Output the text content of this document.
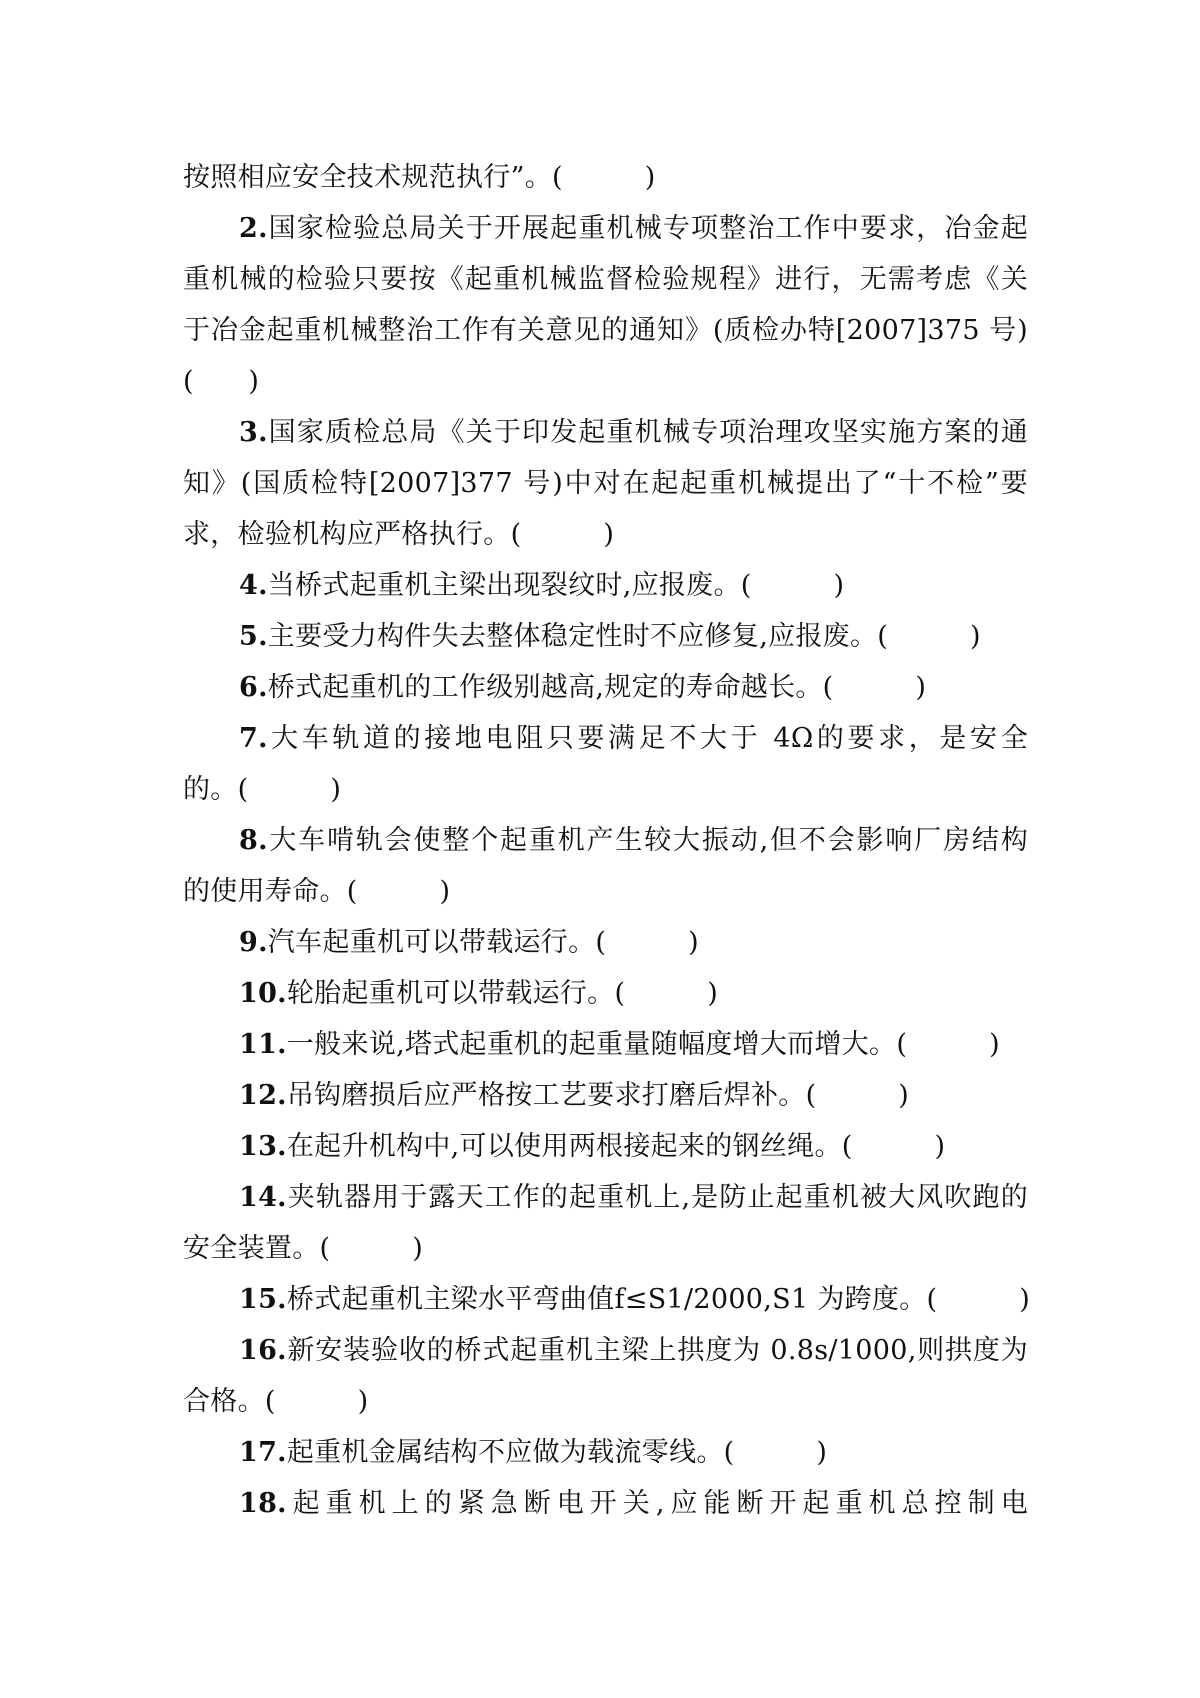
按照相应安全技术规范执行”。(　　　)
2.国家检验总局关于开展起重机械专项整治工作中要求，冶金起
重机械的检验只要按《起重机械监督检验规程》进行，无需考虑《关
于冶金起重机械整治工作有关意见的通知》(质检办特[2007]375 号)
(　　)
3.国家质检总局《关于印发起重机械专项治理攻坚实施方案的通
知》(国质检特[2007]377 号)中对在起起重机械提出了“十不检”要
求，检验机构应严格执行。(　　　)
4.当桥式起重机主梁出现裂纹时,应报废。(　　　)
5.主要受力构件失去整体稳定性时不应修复,应报废。(　　　)
6.桥式起重机的工作级别越高,规定的寿命越长。(　　　)
7.大车轨道的接地电阻只要满足不大于 4Ω的要求，是安全
的。(　　　)
8.大车啃轨会使整个起重机产生较大振动,但不会影响厂房结构
的使用寿命。(　　　)
9.汽车起重机可以带载运行。(　　　)
10.轮胎起重机可以带载运行。(　　　)
11.一般来说,塔式起重机的起重量随幅度增大而增大。(　　　)
12.吊钩磨损后应严格按工艺要求打磨后焊补。(　　　)
13.在起升机构中,可以使用两根接起来的钢丝绳。(　　　)
14.夹轨器用于露天工作的起重机上,是防止起重机被大风吹跑的
安全装置。(　　　)
15.桥式起重机主梁水平弯曲值f≤S1/2000,S1 为跨度。(　　　)
16.新安装验收的桥式起重机主梁上拱度为 0.8s/1000,则拱度为
合格。(　　　)
17.起重机金属结构不应做为载流零线。(　　　)
18.起重机上的紧急断电开关,应能断开起重机总控制电
